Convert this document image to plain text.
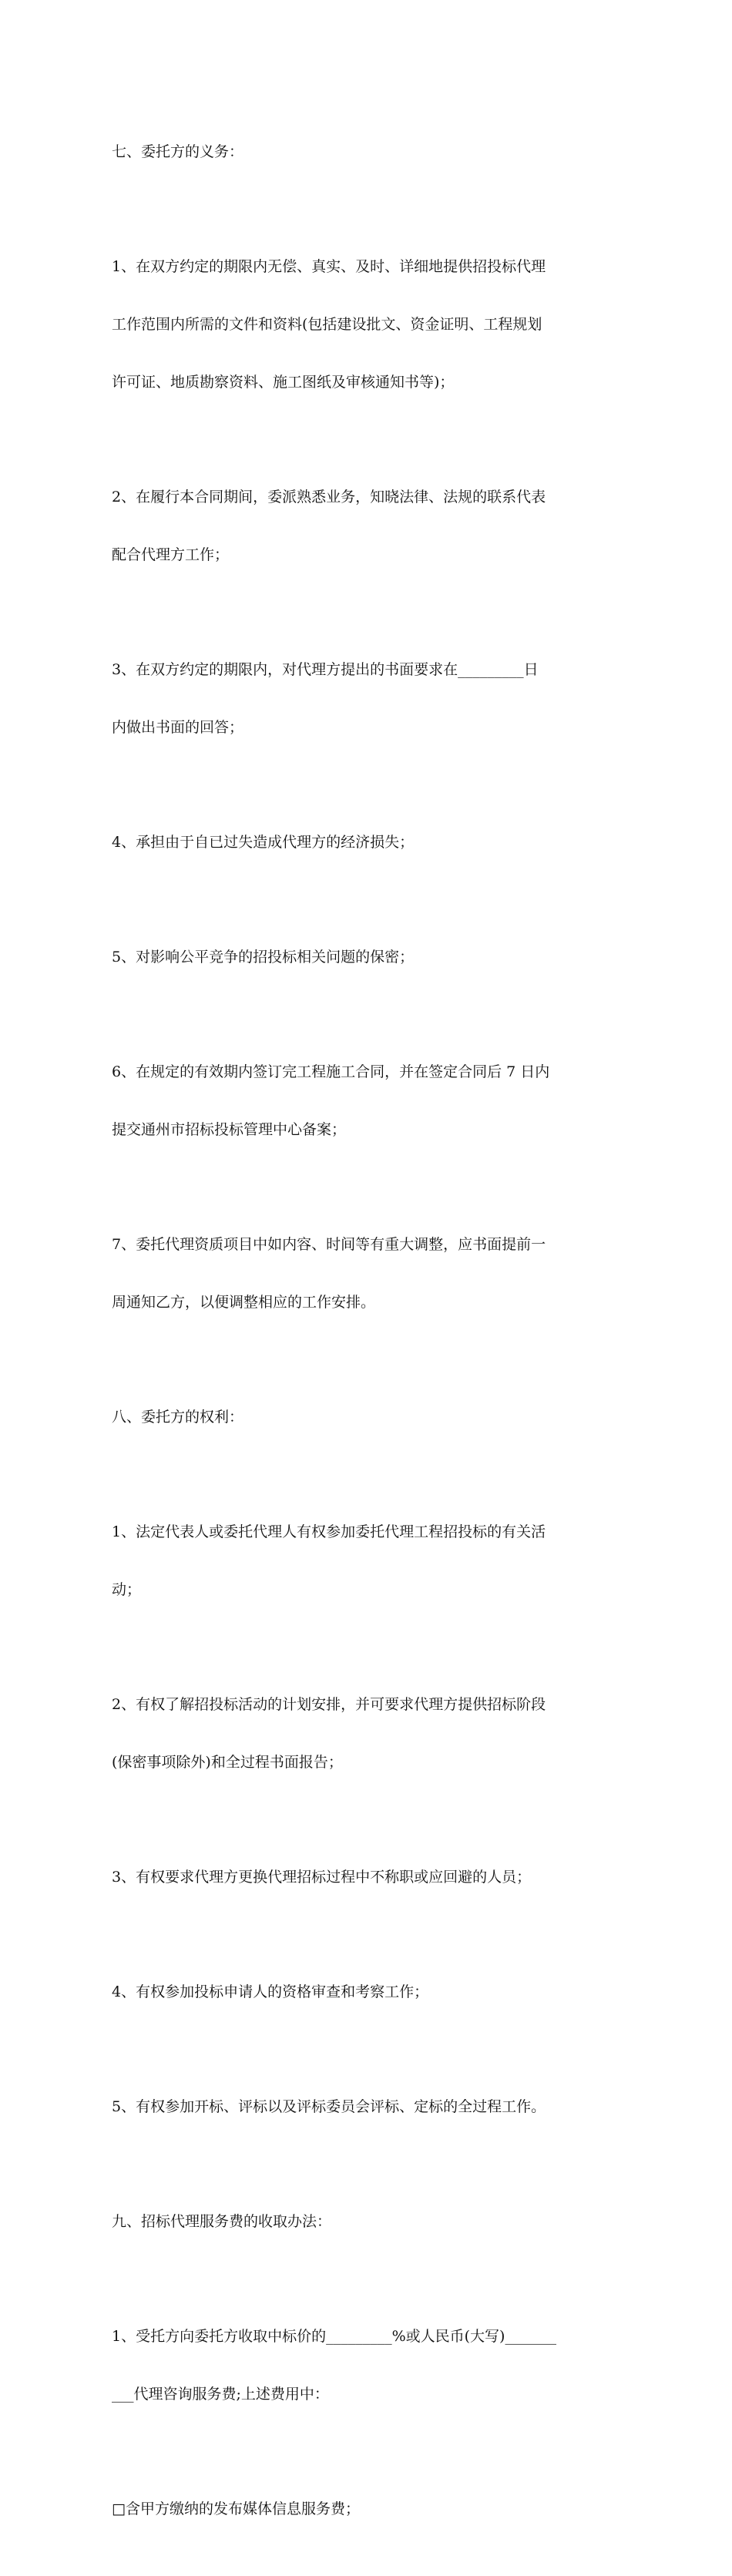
七、委托方的义务：

1、在双方约定的期限内无偿、真实、及时、详细地提供招投标代理

工作范围内所需的文件和资料(包括建设批文、资金证明、工程规划

许可证、地质勘察资料、施工图纸及审核通知书等)；

2、在履行本合同期间，委派熟悉业务，知晓法律、法规的联系代表

配合代理方工作；

3、在双方约定的期限内，对代理方提出的书面要求在_________日

内做出书面的回答；

4、承担由于自已过失造成代理方的经济损失；

5、对影响公平竞争的招投标相关问题的保密；

6、在规定的有效期内签订完工程施工合同，并在签定合同后 7 日内

提交通州市招标投标管理中心备案；

7、委托代理资质项目中如内容、时间等有重大调整，应书面提前一

周通知乙方，以便调整相应的工作安排。

八、委托方的权利：

1、法定代表人或委托代理人有权参加委托代理工程招投标的有关活

动；

2、有权了解招投标活动的计划安排，并可要求代理方提供招标阶段

(保密事项除外)和全过程书面报告；

3、有权要求代理方更换代理招标过程中不称职或应回避的人员；

4、有权参加投标申请人的资格审查和考察工作；

5、有权参加开标、评标以及评标委员会评标、定标的全过程工作。

九、招标代理服务费的收取办法：

1、受托方向委托方收取中标价的_________%或人民币(大写)_______

___代理咨询服务费;上述费用中：

□含甲方缴纳的发布媒体信息服务费；
